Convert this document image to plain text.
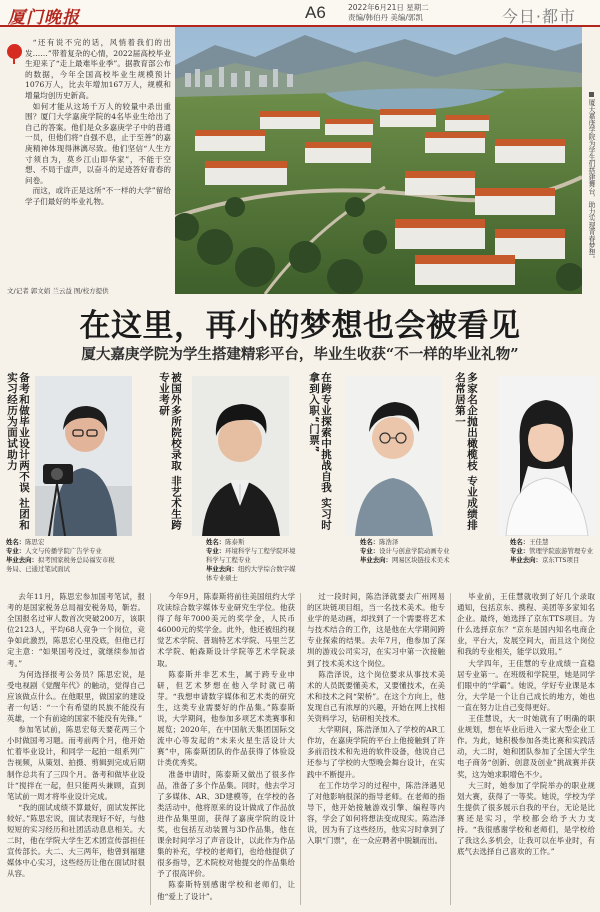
厦门晚报	A6	2022年6月21日 星期二
责编/韩伯丹 美编/郭凯	今日·都市

“还有说不完的话，风悄着我们的出发……”带着复杂的心情，2022届高校毕业生迎来了“走上最难毕业季”。据教育部公布的数据，今年全国高校毕业生规模预计1076万人，比去年增加167万人，规模和增量均创历史新高。

如何才能从这场千万人的较量中杀出重围？厦门大学嘉庚学院的4名毕业生给出了自己的答案。他们是众多嘉庚学子中的普通一员，但他们将“自强不息，止于至善”的嘉庚精神体现得淋漓尽致。他们坚信“人生方寸须自为，莫乡江山即华家”，不能于空想、不局于虚声，以奋斗的足迹答好青春的问卷。

而这，或许正是这所“不一样的大学”留给学子们最好的毕业礼物。

文/记者 郭文娟 兰云益 图/校方提供
厦大嘉庚学院为学生们搭建舞台，助力实现青春梦想。
在这里，再小的梦想也会被看见
厦大嘉庚学院为学生搭建精彩平台，毕业生收获“不一样的毕业礼物”
备考和做毕业设计两不误 社团和实习经历为面试助力
姓名：陈思宏
专业：人文与传播学院广告学专业
毕业去向：拟考国家税务总局福安市税务局、已通过笔试面试
被国外多所院校录取 非艺术生跨专业考研
姓名：陈泰斯
专业：环境科学与工程学院环境科学与工程专业
毕业去向：纽约大学综合数字媒体专业硕士
在跨专业探索中挑战自我 实习时拿到入职“门票”
姓名：陈浩泽
专业：设计与创意学院动画专业
毕业去向：网易区块链技术美术
多家名企抛出橄榄枝 专业成绩排名常居第一
姓名：王佳慧
专业：管理学院旅游管理专业
毕业去向：京东TTS项目

去年11月，陈思宏参加国考笔试，报考的是国家税务总局福安税务局，靳岩。全国报名过审人数首次突破200万，该职位2123人，平均68人竞争一个岗位，竞争如此激烈，陈思宏心里没底，但他已打定主意：“如果国考没过，就继续参加省考。”

为何选择报考公务员？陈思宏说，是受电视剧《觉醒年代》的触动，觉得自己应该做点什么。在他眼里，做国家的建设者一句话：“一个有希望的民族不能没有英雄，一个有前途的国家不能没有先锋。”

参加笔试前，陈思宏每天要花两三个小时做国考习题。而考前两个月，他开始忙着毕业设计，和同学一起拍一组系列广告视频，从策划、拍摄、剪辑到完成后期制作总共有了三四个月。备考和做毕业设计“搅拌在一起，但只能两头兼顾，直到笔试前一周才将毕业设计完成。

“我的面试成绩不算最好，面试发挥比较好。”陈思宏说，面试表现好不好，与他短短的实习经历和社团活动息息相关。大二时，他在学院大学生艺术团宣传部担任宣传部长。大二、大三两年，他曾到福建媒体中心实习，这些经历让他在面试时很从容。

今年9月，陈泰斯将前往美国纽约大学攻读综合数字媒体专业研究生学位。他获得了每年7000美元的奖学金，人民币46000元的奖学金。此外，他还被纽约视觉艺术学院、普瑞特艺术学院、马里兰艺术学院、帕森斯设计学院等艺术学院录取。

陈泰斯并非艺术生，属于跨专业申研，但艺术梦想在他入学时就已萌芽。“我想申请数字媒体和艺术类的研究生，这类专业需要好的作品集。”陈泰斯说，大学期间，他参加多项艺术类赛事和展览；2020年，在中国航天集团国际交流中心等发起的“未来火星生活设计大赛”中，陈泰斯团队的作品获得了体验设计类优秀奖。

准备申请时，陈泰斯又做出了很多作品，准备了多个作品集。同时，他去学习了多媒体、AR、3D建模等，在学校的各类活动中，他将原来的设计做成了作品放进作品集里面，获得了嘉庚学院的设计奖，也包括互动装置与3D作品集，他在课余时间学习了声音设计，以此作为作品集的补充，学校的老师们，也给他提供了很多指导，艺术院校对他提交的作品集给予了很高评价。

陈泰斯特别感谢学校和老师们，让他“爱上了设计”。

过一段时间，陈浩泽就要去广州网易的区块链项目组，当一名技术美术。他专业学的是动画，却找到了一个需要将艺术与技术结合的工作，这是他在大学期间跨专业探索的结果。去年7月，他参加了深圳的游戏公司实习，在实习中第一次接触到了技术美术这个岗位。

陈浩泽说，这个岗位要求从事技术美术的人员既要懂美术，又要懂技术，在美术和技术之间“架桥”。在这个方向上，他发现自己有浓厚的兴趣，开始在网上找相关资料学习，钻研相关技术。

大学期间，陈浩泽加入了学校的AR工作坊，在嘉庚学院的平台上他接触到了许多前沿技术和先进的软件设备，他说自己还参与了学校的大型晚会舞台设计，在实践中不断提升。

在工作坊学习的过程中，陈浩泽遇见了对他影响很深的指导老师。在老师的指导下，他开始接触游戏引擎、编程等内容，学会了如何将想法变成现实。陈浩泽说，因为有了这些经历，他实习时拿到了入职“门票”，在一众应聘者中脱颖而出。

毕业前，王佳慧就收到了好几个录取通知，包括京东、携程、美团等多家知名企业。最终，她选择了京东TTS项目。为什么选择京东？“京东是国内知名电商企业，平台大，发展空间大，而且这个岗位和我的专业相关，能学以致用。”

大学四年，王佳慧的专业成绩一直稳居专业第一。在班级和学院里，她是同学们眼中的“学霸”。她说，学好专业课是本分，大学是一个让自己成长的地方，她也一直在努力让自己变得更好。

王佳慧说，大一时她就有了明确的职业规划，想在毕业后进入一家大型企业工作。为此，她积极参加各类比赛和实践活动，大二时，她和团队参加了全国大学生电子商务“创新、创意及创业”挑战赛并获奖，这为她求职增色不少。

大三时，她参加了学院举办的职业规划大赛，获得了一等奖。她说，学校为学生提供了很多展示自我的平台，无论是比赛还是实习，学校都会给予大力支持。“我很感谢学校和老师们，是学校给了我这么多机会，让我可以在毕业时，有底气去选择自己喜欢的工作。”
